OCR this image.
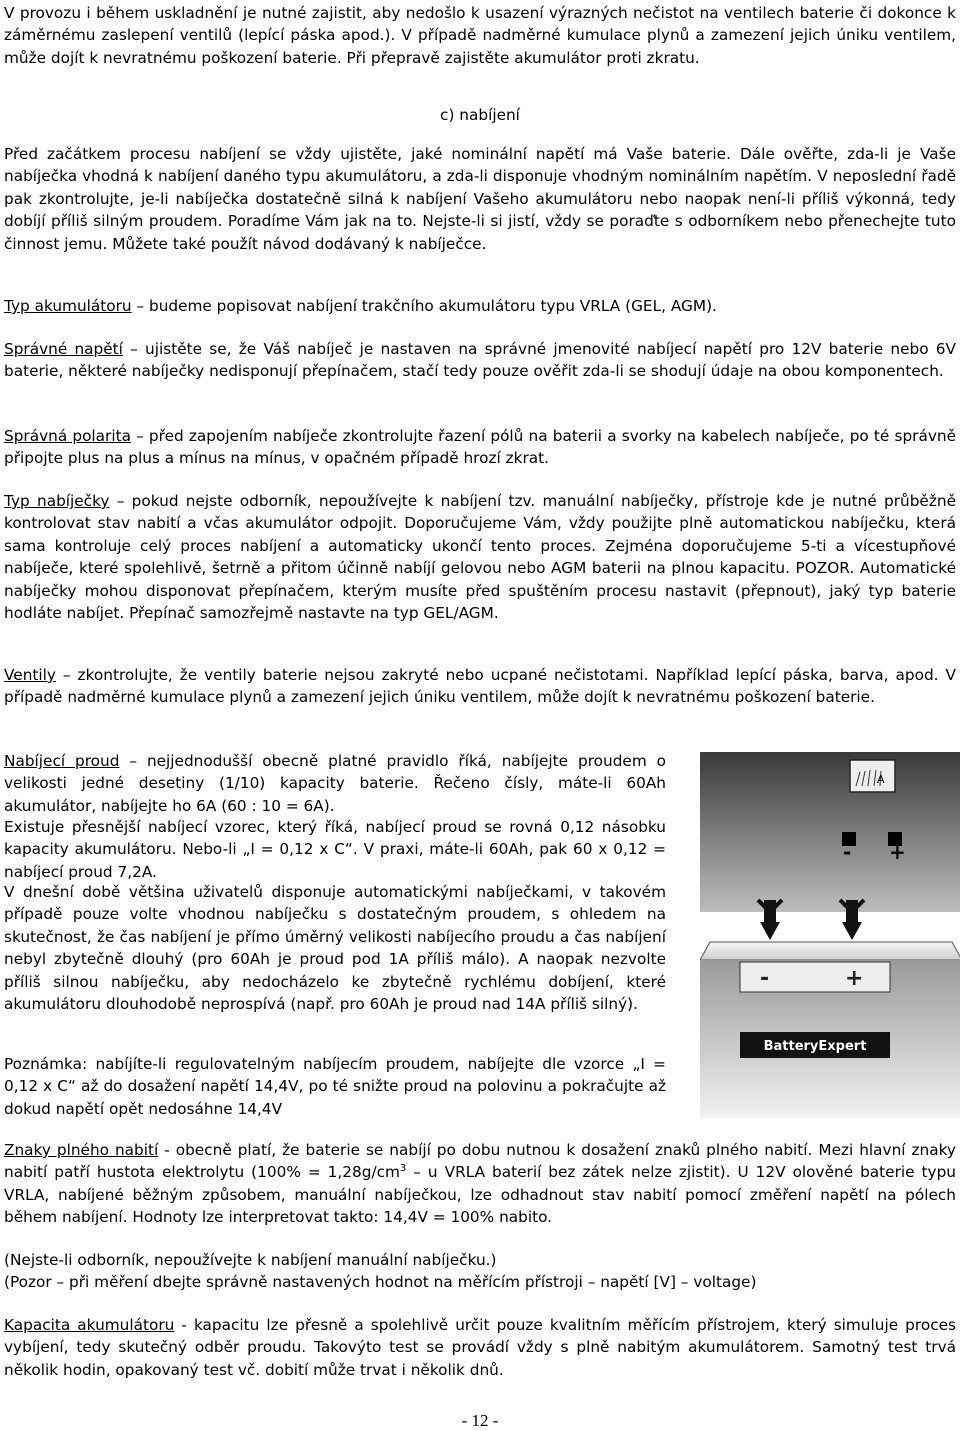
V provozu i během uskladnění je nutné zajistit, aby nedošlo k usazení výrazných nečistot na ventilech baterie či dokonce k záměrnému zaslepení ventilů (lepící páska apod.). V případě nadměrné kumulace plynů a zamezení jejich úniku ventilem, může dojít k nevratnému poškození baterie. Při přepravě zajistěte akumulátor proti zkratu.

c) nabíjení

Před začátkem procesu nabíjení se vždy ujistěte, jaké nominální napětí má Vaše baterie. Dále ověřte, zda-li je Vaše nabíječka vhodná k nabíjení daného typu akumulátoru, a zda-li disponuje vhodným nominálním napětím. V neposlední řadě pak zkontrolujte, je-li nabíječka dostatečně silná k nabíjení Vašeho akumulátoru nebo naopak není-li příliš výkonná, tedy dobíjí příliš silným proudem. Poradíme Vám jak na to. Nejste-li si jistí, vždy se poraďte s odborníkem nebo přenechejte tuto činnost jemu. Můžete také použít návod dodávaný k nabíječce.

Typ akumulátoru – budeme popisovat nabíjení trakčního akumulátoru typu VRLA (GEL, AGM).

Správné napětí – ujistěte se, že Váš nabíječ je nastaven na správné jmenovité nabíjecí napětí pro 12V baterie nebo 6V baterie, některé nabíječky nedisponují přepínačem, stačí tedy pouze ověřit zda-li se shodují údaje na obou komponentech.

Správná polarita – před zapojením nabíječe zkontrolujte řazení pólů na baterii a svorky na kabelech nabíječe, po té správně připojte plus na plus a mínus na mínus, v opačném případě hrozí zkrat.

Typ nabíječky – pokud nejste odborník, nepoužívejte k nabíjení tzv. manuální nabíječky, přístroje kde je nutné průběžně kontrolovat stav nabití a včas akumulátor odpojit. Doporučujeme Vám, vždy použijte plně automatickou nabíječku, která sama kontroluje celý proces nabíjení a automaticky ukončí tento proces. Zejména doporučujeme 5-ti a vícestupňové nabíječe, které spolehlivě, šetrně a přitom účinně nabíjí gelovou nebo AGM baterii na plnou kapacitu. POZOR. Automatické nabíječky mohou disponovat přepínačem, kterým musíte před spuštěním procesu nastavit (přepnout), jaký typ baterie hodláte nabíjet. Přepínač samozřejmě nastavte na typ GEL/AGM.

Ventily – zkontrolujte, že ventily baterie nejsou zakryté nebo ucpané nečistotami. Například lepící páska, barva, apod. V případě nadměrné kumulace plynů a zamezení jejich úniku ventilem, může dojít k nevratnému poškození baterie.

Nabíjecí proud – nejjednodušší obecně platné pravidlo říká, nabíjejte proudem o velikosti jedné desetiny (1/10) kapacity baterie. Řečeno čísly, máte-li 60Ah akumulátor, nabíjejte ho 6A (60 : 10 = 6A).

Existuje přesnější nabíjecí vzorec, který říká, nabíjecí proud se rovná 0,12 násobku kapacity akumulátoru. Nebo-li „I = 0,12 x C“. V praxi, máte-li 60Ah, pak 60 x 0,12 = nabíjecí proud 7,2A.

V dnešní době většina uživatelů disponuje automatickými nabíječkami, v takovém případě pouze volte vhodnou nabíječku s dostatečným proudem, s ohledem na skutečnost, že čas nabíjení je přímo úměrný velikosti nabíjecího proudu a čas nabíjení nebyl zbytečně dlouhý (pro 60Ah je proud pod 1A příliš málo). A naopak nezvolte příliš silnou nabíječku, aby nedocházelo ke zbytečně rychlému dobíjení, které akumulátoru dlouhodobě neprospívá (např. pro 60Ah je proud nad 14A příliš silný).

Poznámka: nabíjíte-li regulovatelným nabíjecím proudem, nabíjejte dle vzorce „I = 0,12 x C“ až do dosažení napětí 14,4V, po té snižte proud na polovinu a pokračujte až dokud napětí opět nedosáhne 14,4V

A
- +
-	+
BatteryExpert

Znaky plného nabití - obecně platí, že baterie se nabíjí po dobu nutnou k dosažení znaků plného nabití. Mezi hlavní znaky nabití patří hustota elektrolytu ($100\% = 1,28g/cm^3 - u$ VRLA baterií bez zátek nelze zjistit). U 12V olověné baterie typu VRLA, nabíjené běžným způsobem, manuální nabíječkou, lze odhadnout stav nabití pomocí změření napětí na pólech během nabíjení. Hodnoty lze interpretovat takto: 14,4V = 100% nabito.

(Nejste-li odborník, nepoužívejte k nabíjení manuální nabíječku.)

(Pozor – při měření dbejte správně nastavených hodnot na měřícím přístroji – napětí [V] – voltage)

Kapacita akumulátoru - kapacitu lze přesně a spolehlivě určit pouze kvalitním měřícím přístrojem, který simuluje proces vybíjení, tedy skutečný odběr proudu. Takovýto test se provádí vždy s plně nabitým akumulátorem. Samotný test trvá několik hodin, opakovaný test vč. dobití může trvat i několik dnů.

- 12 -
